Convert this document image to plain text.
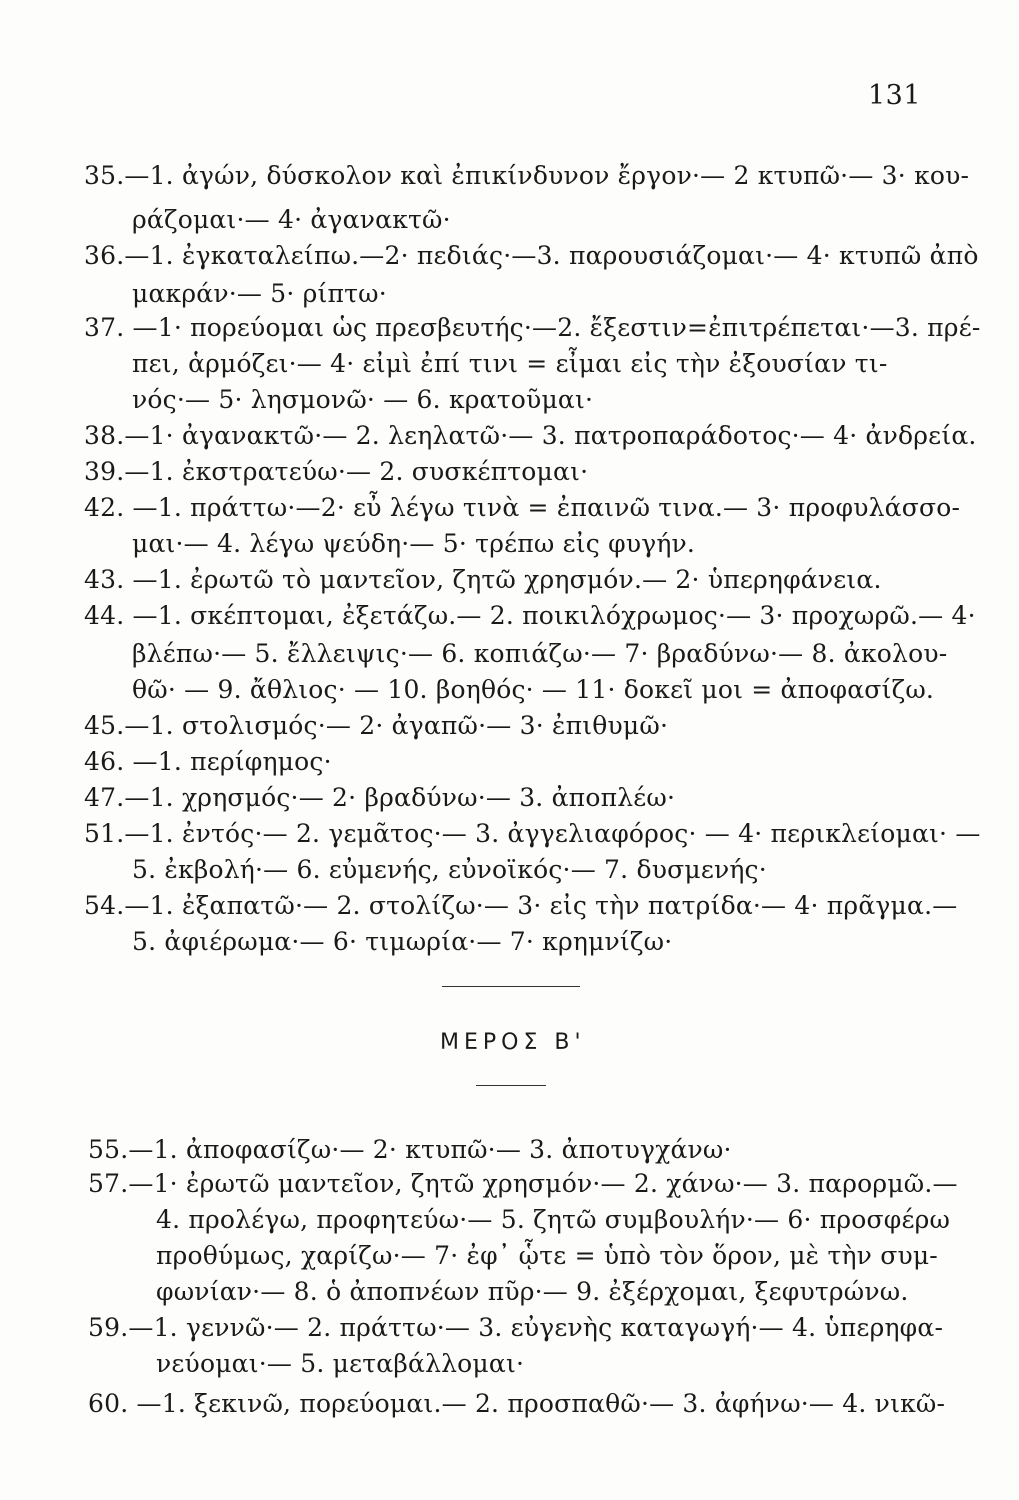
131
35.—1. ἀγών, δύσκολον καὶ ἐπικίνδυνον ἔργον·— 2 κτυπῶ·— 3· κου-
ράζομαι·— 4· ἀγανακτῶ·
36.—1. ἐγκαταλείπω.—2· πεδιάς·—3. παρουσιάζομαι·— 4· κτυπῶ ἀπὸ
μακράν·— 5· ρίπτω·
37. —1· πορεύομαι ὡς πρεσβευτής·—2. ἔξεστιν=ἐπιτρέπεται·—3. πρέ-
πει, ἁρμόζει·— 4· εἰμὶ ἐπί τινι = εἶμαι εἰς τὴν ἐξουσίαν τι-
νός·— 5· λησμονῶ· — 6. κρατοῦμαι·
38.—1· ἀγανακτῶ·— 2. λεηλατῶ·— 3. πατροπαράδοτος·— 4· ἀνδρεία.
39.—1. ἐκστρατεύω·— 2. συσκέπτομαι·
42. —1. πράττω·—2· εὖ λέγω τινὰ = ἐπαινῶ τινα.— 3· προφυλάσσο-
μαι·— 4. λέγω ψεύδη·— 5· τρέπω εἰς φυγήν.
43. —1. ἐρωτῶ τὸ μαντεῖον, ζητῶ χρησμόν.— 2· ὑπερηφάνεια.
44. —1. σκέπτομαι, ἐξετάζω.— 2. ποικιλόχρωμος·— 3· προχωρῶ.— 4·
βλέπω·— 5. ἔλλειψις·— 6. κοπιάζω·— 7· βραδύνω·— 8. ἀκολου-
θῶ· — 9. ἄθλιος· — 10. βοηθός· — 11· δοκεῖ μοι = ἀποφασίζω.
45.—1. στολισμός·— 2· ἀγαπῶ·— 3· ἐπιθυμῶ·
46. —1. περίφημος·
47.—1. χρησμός·— 2· βραδύνω·— 3. ἀποπλέω·
51.—1. ἐντός·— 2. γεμᾶτος·— 3. ἀγγελιαφόρος· — 4· περικλείομαι· —
5. ἐκβολή·— 6. εὐμενής, εὐνοϊκός·— 7. δυσμενής·
54.—1. ἐξαπατῶ·— 2. στολίζω·— 3· εἰς τὴν πατρίδα·— 4· πρᾶγμα.—
5. ἀφιέρωμα·— 6· τιμωρία·— 7· κρημνίζω·
ΜΕΡΟΣ Β'
55.—1. ἀποφασίζω·— 2· κτυπῶ·— 3. ἀποτυγχάνω·
57.—1· ἐρωτῶ μαντεῖον, ζητῶ χρησμόν·— 2. χάνω·— 3. παρορμῶ.—
4. προλέγω, προφητεύω·— 5. ζητῶ συμβουλήν·— 6· προσφέρω
προθύμως, χαρίζω·— 7· ἐφ᾿ ᾧτε = ὑπὸ τὸν ὅρον, μὲ τὴν συμ-
φωνίαν·— 8. ὁ ἀποπνέων πῦρ·— 9. ἐξέρχομαι, ξεφυτρώνω.
59.—1. γεννῶ·— 2. πράττω·— 3. εὐγενὴς καταγωγή·— 4. ὑπερηφα-
νεύομαι·— 5. μεταβάλλομαι·
60. —1. ξεκινῶ, πορεύομαι.— 2. προσπαθῶ·— 3. ἀφήνω·— 4. νικῶ-
